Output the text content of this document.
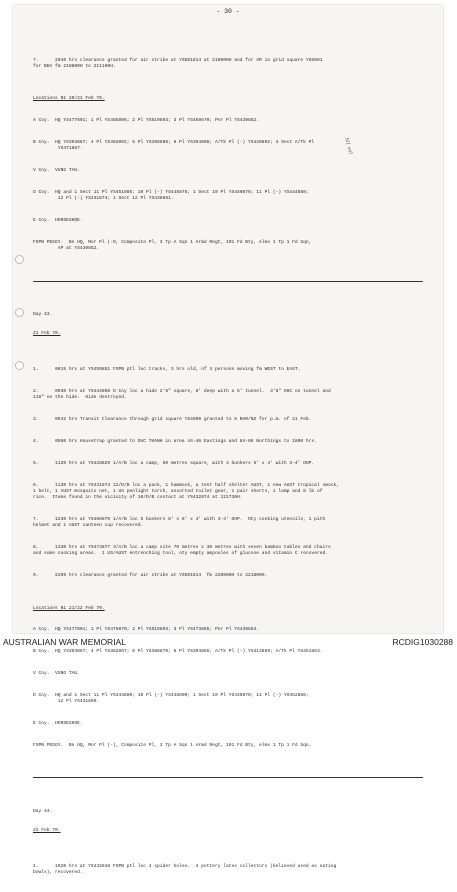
- 30 -
N1 vol

7.      2040 hrs clearance granted for air strike at YS501814 at 210600H and for VR in grid square YS5081
for BDA fm 210800H to 211100H.

Locations N1 20/21 Feb 70.

A Coy.  HQ YS477801; 1 Pl YS485806; 2 Pl YS519803; 3 Pl YS468670; Pnr Pl YS439852.

B Coy.  HQ YS393867; 4 Pl YS382002; 5 Pl YS398806; 6 Pl YS394806; A/Tk Pl (-) YS420892; 3 Sect A/Tk Pl
YS471887.

V Coy.  VUNG TAU.

D Coy.  HQ and 1 Sect 11 Pl YS451886; 10 Pl (-) YS445875; 1 Sect 10 Pl YS440870; 11 Pl (-) YS444880;
12 Pl (-) YS431874; 1 Sect 12 Pl YS438881.

E Coy.  HORSESHOE.

FSPB PEGGY.  Bn HQ, Mor Pl (-O, Composite Pl, 3 Tp A Sqn 1 Armd Regt, 101 Fd Bty, elms 1 Tp 1 Fd Sqn,
AP at YS439852.

Day 43.

21 Feb 70.

1.      0015 hrs at YS459851 FSPB ptl loc tracks, 3 hrs old, of 3 persons moving fm WEST to EAST.

2.      0930 hrs at YS444808 D Coy loc a hide 2'6" square, 6' deep with a 5' tunnel.  3'6" OHC on tunnel and
118" on the hide.  Hide destroyed.

3.      0942 hrs Transit Clearance through grid square YS4090 granted to 8 RAR/NZ for p.m. of 21 Feb.

4.      0950 hrs Housetrap granted to DUC THANH in area 44-46 Eastings and 84-86 Northings to 1800 hrs.

5.      1120 hrs at YS428829 1/A/B loc a camp, 50 metres square, with 3 bunkers 5' x 4' with 3-4' OHP.

6.      1130 hrs at YS431874 12/D/B loc a pack, 1 hammock, a tent half shelter AUST, 1 new AUST tropical smock,
1 belt, 1 AUST mosquito net, 1 US penlight torch, assorted toilet gear, 1 pair shorts, 1 lamp and 8 lb of
rice.  Items found in the vicinity of 10/D/B contact at YS432874 at 121730H.

7.      1230 hrs at YS460870 1/A/B loc 5 bunkers 8' x 6' x 4' with 3-4' OHP.  Oty cooking utensils, 1 pith
helmet and 1 AUST canteen cup recovered.

8.      1330 hrs at YS473877 3/A/B loc a camp site 70 metres x 30 metres with seven bamboo tables and chairs
and some cooking areas.  1 US/AUST entrenching tool, oty empty ampoules of glucose and vitamin C recovered.

9.      2209 hrs clearance granted for air strike at YS501814  fm 220800H to 221800H.

Locations N1 21/22 Feb 70.

A Coy.  HQ YS477801; 1 Pl YS478870; 2 Pl YS519803; 3 Pl YS473885; Pnr Pl YS439863.

B Coy.  HQ YS393867; 4 Pl YS382867; 5 Pl YS388870; 6 Pl YS394866; A/Tk Pl (-) YS413869; A/Tk Pl YS451863.

V Coy.  VUNG TAU.

D Coy.  HQ and 1 Sect 11 Pl YS444880; 10 Pl (-) YS448800; 1 Sect 10 Pl YS440870; 11 Pl (-) YS452866;
12 Pl YS431869.

E Coy.  HORSESHOE.

FSPB PEGGY.  Bn HQ, Mor Pl (-), Composite Pl, 3 Tp A Sqn 1 Armd Regt, 101 Fd Bty, elms 1 Tp 1 Fd Sqn.

Day 44.

22 Feb 70.

1.      1020 hrs at YS432848 FSPB ptl loc 4 spider holes.  4 pottery latex collectors (believed used as eating
bowls), recovered.

AUSTRALIAN WAR MEMORIAL	RCDIG1030288
